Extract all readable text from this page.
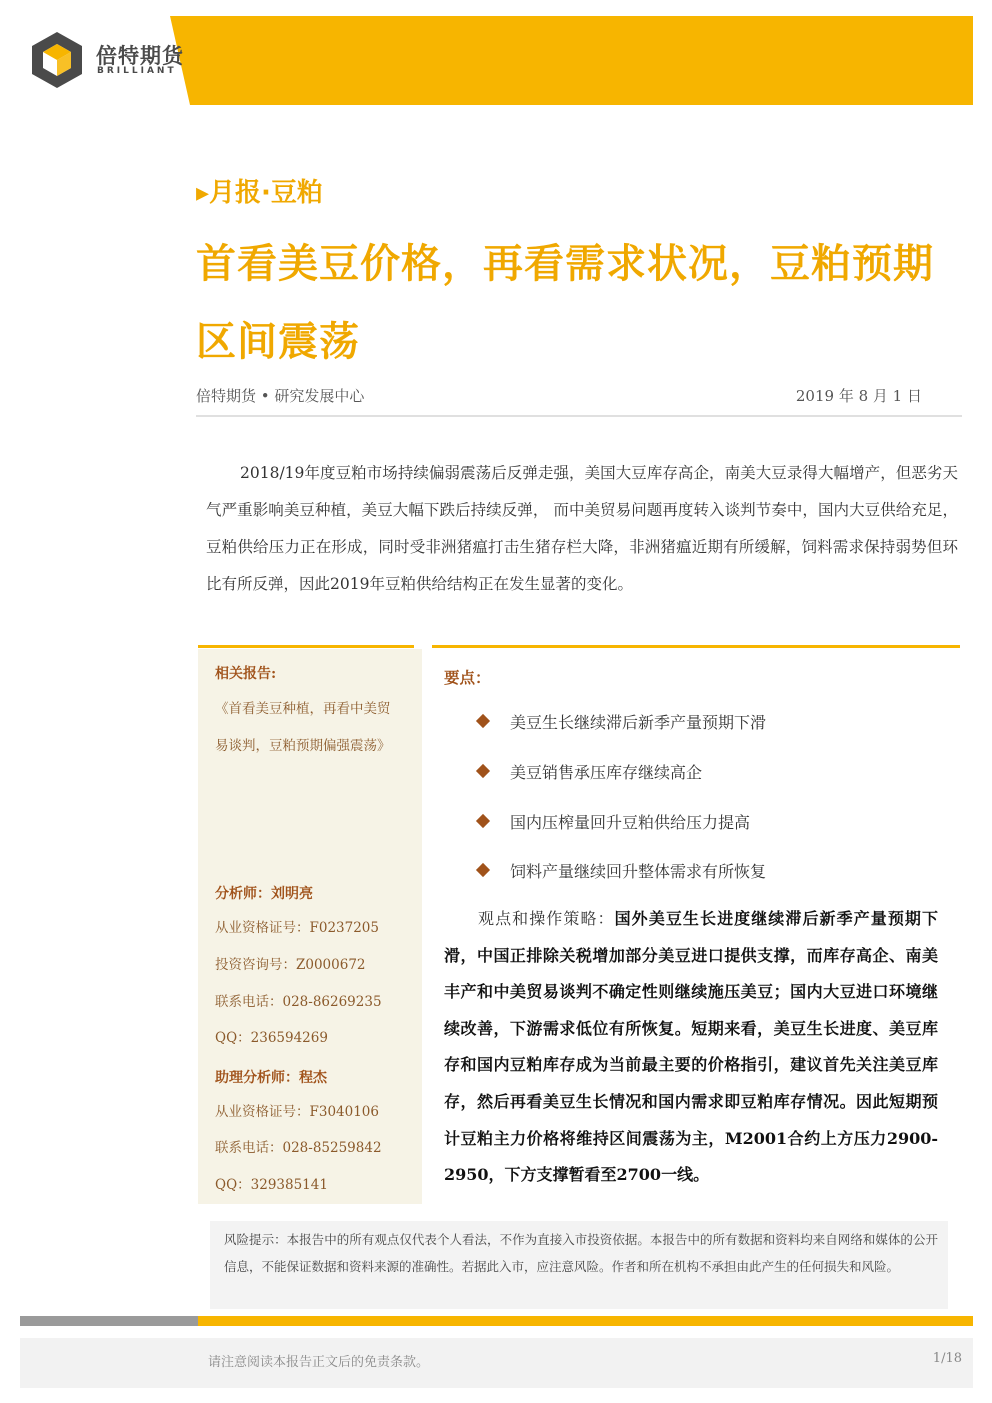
倍特期货
BRILLIANT
▸月报·豆粕
首看美豆价格，再看需求状况，豆粕预期
区间震荡
倍特期货 • 研究发展中心	2019 年 8 月 1 日
2018/19年度豆粕市场持续偏弱震荡后反弹走强，美国大豆库存高企，南美大豆录得大幅增产，但恶劣天气严重影响美豆种植，美豆大幅下跌后持续反弹， 而中美贸易问题再度转入谈判节奏中，国内大豆供给充足，豆粕供给压力正在形成，同时受非洲猪瘟打击生猪存栏大降，非洲猪瘟近期有所缓解，饲料需求保持弱势但环比有所反弹，因此2019年豆粕供给结构正在发生显著的变化。
相关报告:
《首看美豆种植，再看中美贸
易谈判，豆粕预期偏强震荡》
分析师：刘明亮
从业资格证号：F0237205
投资咨询号：Z0000672
联系电话：028-86269235
QQ：236594269
助理分析师：程杰
从业资格证号：F3040106
联系电话：028-85259842
QQ：329385141
要点：
美豆生长继续滞后新季产量预期下滑
美豆销售承压库存继续高企
国内压榨量回升豆粕供给压力提高
饲料产量继续回升整体需求有所恢复
观点和操作策略：国外美豆生长进度继续滞后新季产量预期下滑，中国正排除关税增加部分美豆进口提供支撑，而库存高企、南美丰产和中美贸易谈判不确定性则继续施压美豆；国内大豆进口环境继续改善，下游需求低位有所恢复。短期来看，美豆生长进度、美豆库存和国内豆粕库存成为当前最主要的价格指引，建议首先关注美豆库存，然后再看美豆生长情况和国内需求即豆粕库存情况。因此短期预计豆粕主力价格将维持区间震荡为主，M2001合约上方压力2900-2950，下方支撑暂看至2700一线。
风险提示：本报告中的所有观点仅代表个人看法，不作为直接入市投资依据。本报告中的所有数据和资料均来自网络和媒体的公开信息，不能保证数据和资料来源的准确性。若据此入市，应注意风险。作者和所在机构不承担由此产生的任何损失和风险。
请注意阅读本报告正文后的免责条款。	1/18
